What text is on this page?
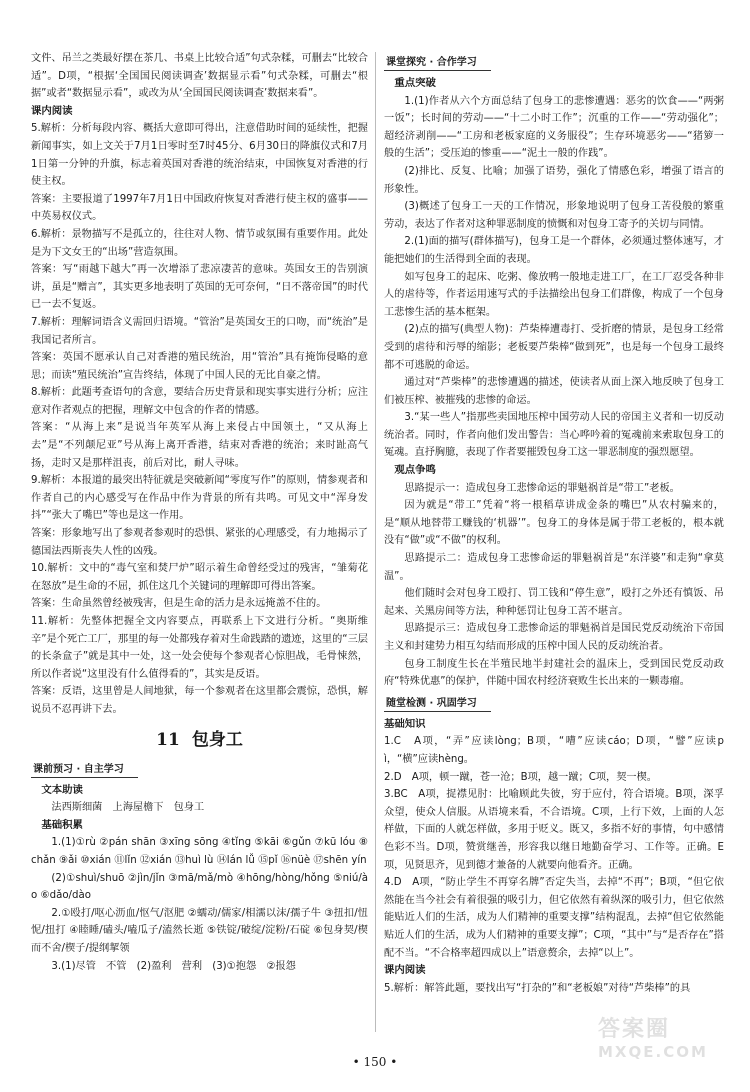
文件、吊兰之类最好摆在茶几、书桌上比较合适”句式杂糅，可删去“比较合适”。D项，“根据‘全国国民阅读调查’数据显示看”句式杂糅，可删去“根据”或者“数据显示看”，或改为从‘全国国民阅读调查’数据来看”。

课内阅读

5.解析：分析每段内容、概括大意即可得出，注意借助时间的延续性，把握新闻事实，如上文关于7月1日零时至7时45分、6月30日的降旗仪式和7月1日第一分钟的升旗，标志着英国对香港的统治结束，中国恢复对香港的行使主权。

答案：主要报道了1997年7月1日中国政府恢复对香港行使主权的盛事——中英易权仪式。

6.解析：景物描写不是孤立的，往往对人物、情节或氛围有重要作用。此处是为下文女王的“出场”营造氛围。

答案：写“雨越下越大”再一次增添了悲凉凄苦的意味。英国女王的告别演讲，虽是“赠言”，其实更多地表明了英国的无可奈何，“日不落帝国”的时代已一去不复返。

7.解析：理解词语含义需回归语境。“管治”是英国女王的口吻，而“统治”是我国记者所言。

答案：英国不愿承认自己对香港的殖民统治，用“管治”具有掩饰侵略的意思；而读“殖民统治”宣告终结，体现了中国人民的无比自豪之情。

8.解析：此题考查语句的含意，要结合历史背景和现实事实进行分析；应注意对作者观点的把握，理解文中包含的作者的情感。

答案：“从海上来”是说当年英军从海上来侵占中国领土，“又从海上去”是“不列颠尼亚”号从海上离开香港，结束对香港的统治；来时趾高气扬，走时又是那样沮丧，前后对比，耐人寻味。

9.解析：本报道的最突出特征就是突破新闻“零度写作”的原则，情参观者和作者自己的内心感受写在作品中作为背景的所有共鸣。可见文中“浑身发抖”“张大了嘴巴”等也是这一作用。

答案：形象地写出了参观者参观时的恐惧、紧张的心理感受，有力地揭示了德国法西斯丧失人性的凶残。

10.解析：文中的“毒气室和焚尸炉”昭示着生命曾经受过的残害，“雏菊花在怒放”是生命的不屈，抓住这几个关键词的理解即可得出答案。

答案：生命虽然曾经被残害，但是生命的活力是永远掩盖不住的。

11.解析：先整体把握全文内容要点，再联系上下文进行分析。“奥斯维辛”是个死亡工厂，那里的每一处都残存着对生命践踏的遗迹，这里的“三层的长条盒子”就是其中一处，这一处会使每个参观者心惊胆战，毛骨悚然，所以作者说“这里没有什么值得看的”，其实是反语。

答案：反语，这里曾是人间地狱，每一个参观者在这里都会震惊，恐惧，解说员不忍再讲下去。

11 包身工
课前预习 · 自主学习
文本助读

法西斯细菌　上海屋檐下　包身工

基础积累

1.(1)①rù ②pán shān ③xīng sōng ④tǐng ⑤kāi ⑥gǔn ⑦kū lóu ⑧chǎn ⑨ǎi ⑩xián ⑪lǐn ⑫xián ⑬huì lù ⑭lán lǚ ⑮pǐ ⑯nüè ⑰shēn yín

(2)①shuì/shuō ②jìn/jǐn ③mā/mǎ/mò ④hōng/hòng/hǒng ⑤niú/ào ⑥dǎo/dào

2.①殴打/呕心沥血/怄气/沤肥 ②蠕动/儒家/相濡以沫/孺子牛 ③扭扣/忸怩/扭打 ④睦睡/磕头/嗑瓜子/溘然长逝 ⑤铁锭/破绽/淀粉/石碇 ⑥包身契/楔而不舍/楔子/提纲挈领

3.(1)尽管　不管　(2)盈利　营利　(3)①抱怨　②报怨

课堂探究 · 合作学习
重点突破

1.(1)作者从六个方面总结了包身工的悲惨遭遇：恶劣的饮食——“两粥一饭”；长时间的劳动——“十二小时工作”；沉重的工作——“劳动强化”；超经济剥削——“工房和老板家庭的义务服役”；生存环境恶劣——“猪箩一般的生活”；受压迫的惨重——“泥土一般的作践”。

(2)排比、反复、比喻；加强了语势，强化了情感色彩，增强了语言的形象性。

(3)概述了包身工一天的工作情况，形象地说明了包身工苦役般的繁重劳动，表达了作者对这种罪恶制度的愤慨和对包身工寄予的关切与同情。

2.(1)面的描写(群体描写)，包身工是一个群体，必须通过整体速写，才能把她们的生活得到全面的表现。

如写包身工的起床、吃粥、像放鸭一般地走进工厂，在工厂忍受各种非人的虐待等，作者运用速写式的手法描绘出包身工们群像，构成了一个包身工悲惨生活的基本框架。

(2)点的描写(典型人物)：芦柴棒遭毒打、受折磨的情景，是包身工经常受到的虐待和污辱的缩影；老板要芦柴棒“做到死”，也是每一个包身工最终都不可逃脱的命运。

通过对“芦柴棒”的悲惨遭遇的描述，使读者从面上深入地反映了包身工们被压榨、被摧残的悲惨的命运。

3.“某一些人”指那些卖国地压榨中国劳动人民的帝国主义者和一切反动统治者。同时，作者向他们发出警告：当心哗吟着的冤魂前来索取包身工的冤魂。直抒胸臆，表现了作者要摧毁包身工这一罪恶制度的强烈愿望。

观点争鸣

思路提示一：造成包身工悲惨命运的罪魁祸首是“带工”老板。

因为就是“带工”凭着“将一根稻草讲成金条的嘴巴”从农村骗来的，是“顺从地替带工赚钱的‘机器’”。包身工的身体是属于带工老板的，根本就没有“做”或“不做”的权利。

思路提示二：造成包身工悲惨命运的罪魁祸首是“东洋婆”和走狗“拿莫温”。

他们随时会对包身工殴打、罚工钱和“停生意”，殴打之外还有慎饭、吊起来、关黑房间等方法，种种惩罚让包身工苦不堪言。

思路提示三：造成包身工悲惨命运的罪魁祸首是国民党反动统治下帝国主义和封建势力相互勾结而形成的压榨中国人民的反动统治者。

包身工制度生长在半殖民地半封建社会的温床上，受到国民党反动政府“特殊优惠”的保护，伴随中国农村经济衰败生长出来的一颗毒瘤。

随堂检测 · 巩固学习
基础知识

1.C　A项，“弄”应读lòng；B项，“嘈”应读cáo；D项，“譬”应读pì，“横”应读hèng。

2.D　A项，顿一蹴，苍一沧；B项，越一蹴；C项，契一楔。

3.BC　A项，捉襟见肘：比喻顾此失彼，穷于应付，符合语境。B项，深孚众望，使众人信服。从语境来看，不合语境。C项，上行下效，上面的人怎样做，下面的人就怎样做，多用于贬义。既又，多指不好的事情，句中感情色彩不当。D项，赞赏继善，形容我以继日地勤奋学习、工作等。正确。E项，见贤思齐，见到德才兼备的人就要向他看齐。正确。

4.D　A项，“防止学生不再穿名牌”否定失当，去掉“不再”；B项，“但它依然能在当今社会有着很强的吸引力，但它依然有着纵深的吸引力，但它依然能贴近人们的生活，成为人们精神的重要支撑”结构混乱，去掉“但它依然能贴近人们的生活，成为人们精神的重要支撑”；C项，“其中”与“是否存在”搭配不当。“不合格率超四成以上”语意赘余，去掉“以上”。

课内阅读

5.解析：解答此题，要找出写“打杂的”和“老板娘”对待“芦柴棒”的具

• 150 •
答案圈
MXQE.COM
